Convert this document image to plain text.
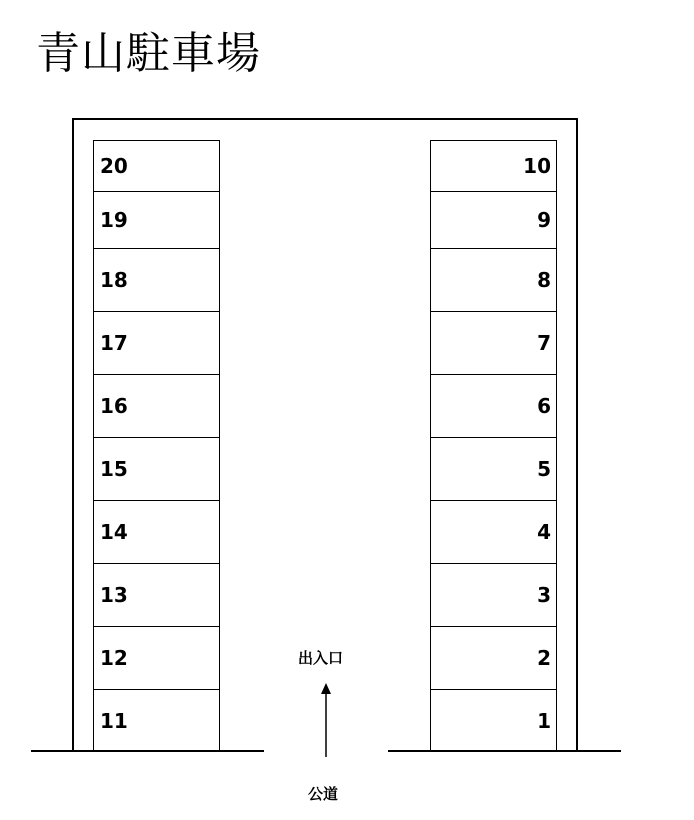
青山駐車場
20
19
18
17
16
15
14
13
12
11
10
9
8
7
6
5
4
3
2
1
出入口
公道
